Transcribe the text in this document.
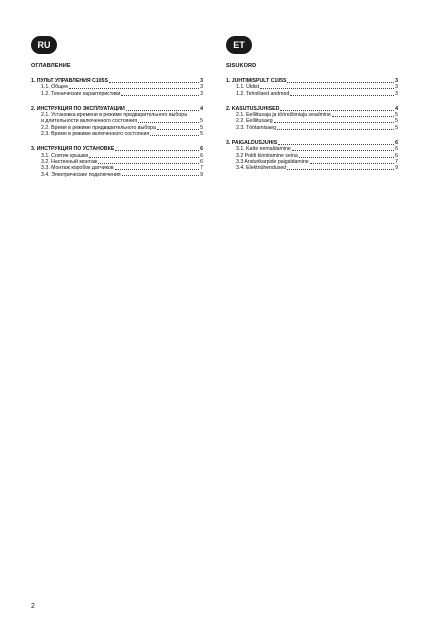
RU
ОГЛАВЛЕНИЕ
1. ПУЛЬТ УПРАВЛЕНИЯ C105S	3
1.1. Общее	3
1.2. Технические характеристики	3
2. ИНСТРУКЦИЯ ПО ЭКСПЛУАТАЦИИ	4
2.1. Установка времени в режиме предварительного выбора
и длительности включенного состояния	5
2.2. Время в режиме предварительного выбора	5
2.3. Время в режиме включенного состояния	5
3. ИНСТРУКЦИЯ ПО УСТАНОВКЕ	6
3.1. Снятие крышки	6
3.2. Настенный монтаж	6
3.3. Монтаж коробок датчиков	7
3.4. Электрические подключения	9
ET
SISUKORD
1. JUHTIMISPULT C105S	3
1.1. Üldist	3
1.2. Tehnilised andmed	3
2. KASUTUSJUHISED	4
2.1. Eelliitusaja ja töörežiimiaja seadmine	5
2.2. Eelliitusaeg	5
2.3. Töötamisaeg	5
3. PAIGALDUSJUHIS	6
3.1. Katte eemaldamine	6
3.2 Poldi kinnitamine seina	6
3.3 Andurikarpide paigaldamine	7
3.4. Elektriühendused	9
2
